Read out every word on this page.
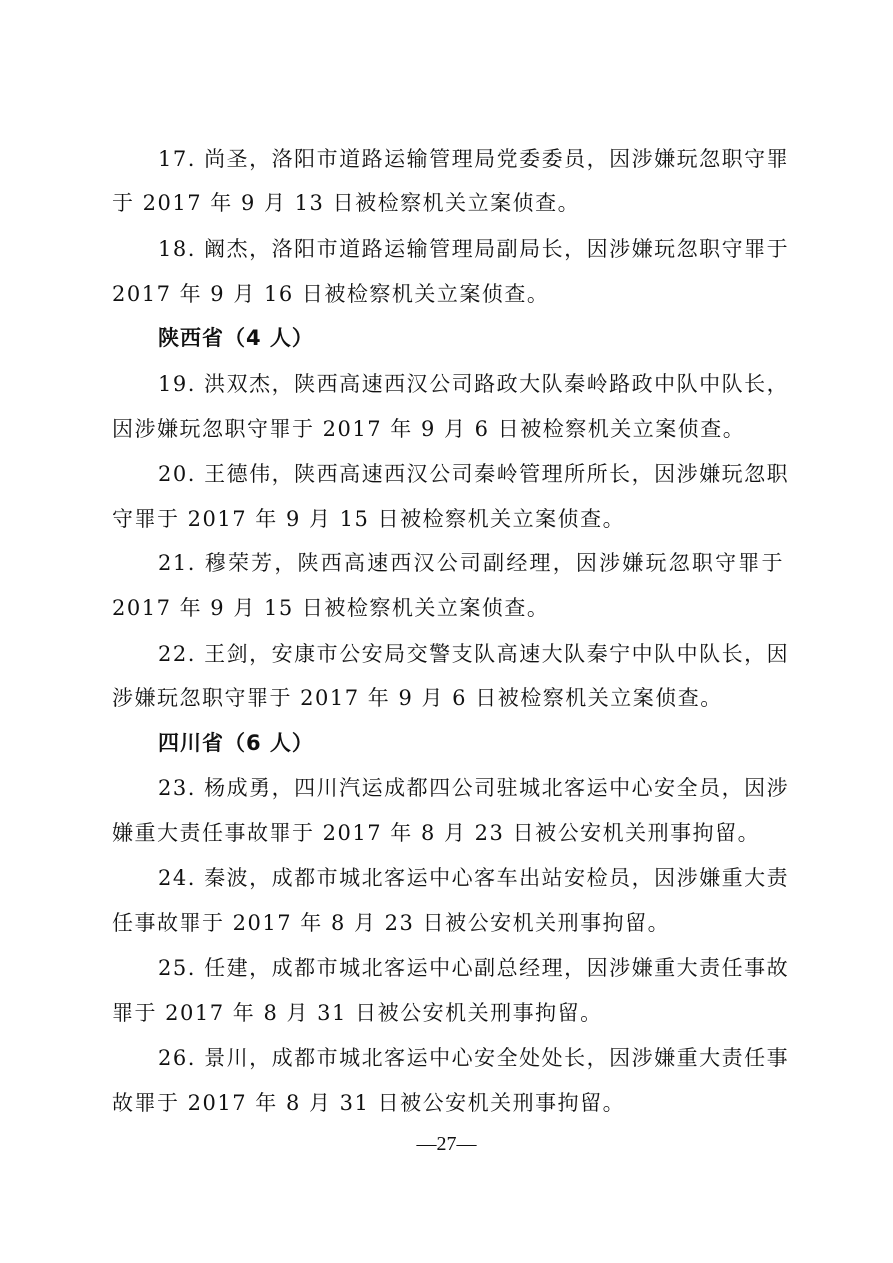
17. 尚圣，洛阳市道路运输管理局党委委员，因涉嫌玩忽职守罪
于 2017 年 9 月 13 日被检察机关立案侦查。
18. 阚杰，洛阳市道路运输管理局副局长，因涉嫌玩忽职守罪于
2017 年 9 月 16 日被检察机关立案侦查。
陕西省（4 人）
19. 洪双杰，陕西高速西汉公司路政大队秦岭路政中队中队长，
因涉嫌玩忽职守罪于 2017 年 9 月 6 日被检察机关立案侦查。
20. 王德伟，陕西高速西汉公司秦岭管理所所长，因涉嫌玩忽职
守罪于 2017 年 9 月 15 日被检察机关立案侦查。
21. 穆荣芳，陕西高速西汉公司副经理，因涉嫌玩忽职守罪于
2017 年 9 月 15 日被检察机关立案侦查。
22. 王剑，安康市公安局交警支队高速大队秦宁中队中队长，因
涉嫌玩忽职守罪于 2017 年 9 月 6 日被检察机关立案侦查。
四川省（6 人）
23. 杨成勇，四川汽运成都四公司驻城北客运中心安全员，因涉
嫌重大责任事故罪于 2017 年 8 月 23 日被公安机关刑事拘留。
24. 秦波，成都市城北客运中心客车出站安检员，因涉嫌重大责
任事故罪于 2017 年 8 月 23 日被公安机关刑事拘留。
25. 任建，成都市城北客运中心副总经理，因涉嫌重大责任事故
罪于 2017 年 8 月 31 日被公安机关刑事拘留。
26. 景川，成都市城北客运中心安全处处长，因涉嫌重大责任事
故罪于 2017 年 8 月 31 日被公安机关刑事拘留。
—27—
